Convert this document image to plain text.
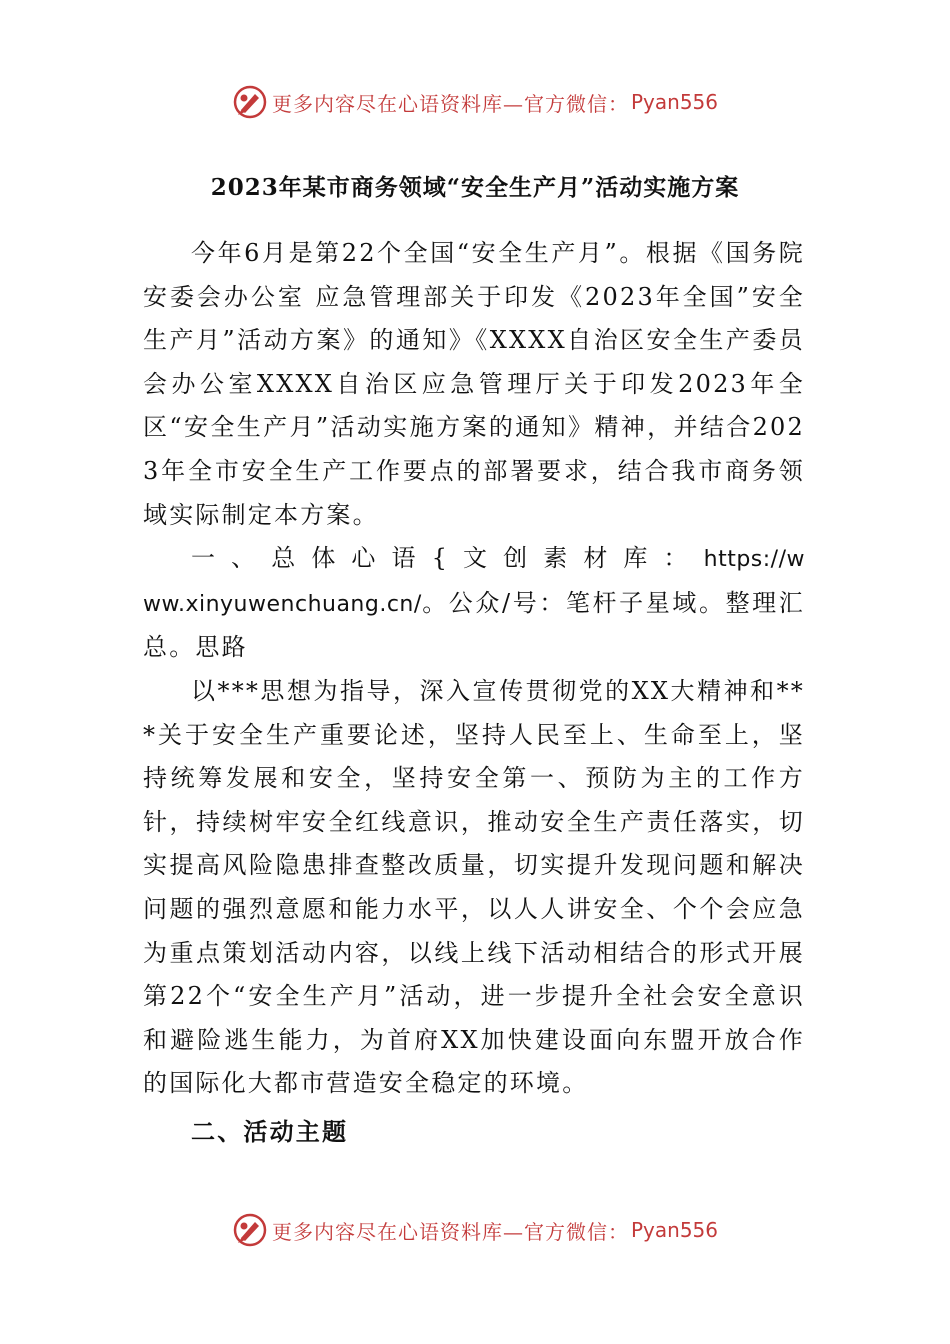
更多内容尽在心语资料库—官方微信： Pyan556
2023年某市商务领域“安全生产月”活动实施方案

今年6月是第22个全国“安全生产月”。根据《国务院安委会办公室 应急管理部关于印发《2023年全国”安全生产月”活动方案》的通知》《XXXX自治区安全生产委员会办公室XXXX自治区应急管理厅关于印发2023年全区“安全生产月”活动实施方案的通知》精神，并结合2023年全市安全生产工作要点的部署要求，结合我市商务领域实际制定本方案。

一、总体心语{文创素材库：https://www.xinyuwenchuang.cn/。公众/号：笔杆子星域。整理汇总。思路

以***思想为指导，深入宣传贯彻党的XX大精神和***关于安全生产重要论述，坚持人民至上、生命至上，坚持统筹发展和安全，坚持安全第一、预防为主的工作方针，持续树牢安全红线意识，推动安全生产责任落实，切实提高风险隐患排查整改质量，切实提升发现问题和解决问题的强烈意愿和能力水平，以人人讲安全、个个会应急为重点策划活动内容，以线上线下活动相结合的形式开展第22个“安全生产月”活动，进一步提升全社会安全意识和避险逃生能力，为首府XX加快建设面向东盟开放合作的国际化大都市营造安全稳定的环境。

二、活动主题

更多内容尽在心语资料库—官方微信： Pyan556
